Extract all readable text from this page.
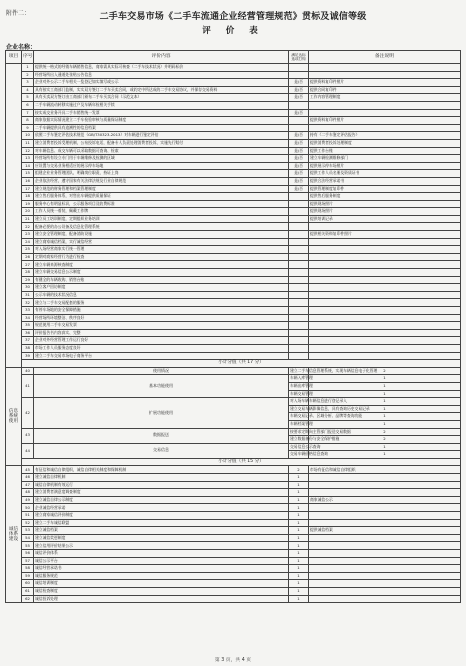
附件二：	二手车交易市场《二手车流通企业经营管理规范》贯标及诚信等级
评 价 表
企业名称：
项目	序号	评价内容	满足达标 选项打钩	备注说明	
	1	提供统一格式的经销车辆销售信息，商家需具实际可核查（二手车技术状况）并明码标价			
	2	经营场所出入通道处张贴公告信息			
	3	企业对外公示二手车相关一览登记如实填写或公示	是/否	提供资料复印件照片	
	4	具有按实工商部门监制，实实双方签订二手车买卖合同，或约定中所达成的二手车交易协议，并保存交易资料	是/否	提供合同复印件	
	5	具有买卖双方签订由工商部门颁布二手车买卖合同（示范文本）	是/否	工作内容管理制度	
	6	二手车辆流动转移实施过户及车辆年检相关手续			
	7	按实成交业务开具二手车销售统一发票	是/否		
	8	商家依据实际情况建立二手车检验审核与质量保证制度		提供资料复印件照片	
	9	二手车辆提供具有追溯性的信息档案			
	10	依照二手车鉴定评估技术规范（GB/T30323-2013）对车辆进行鉴定评估	是/否	持有《二手车鉴定评估报告》	
	11	建立消费者投诉受理机制，公布投诉电话，配备专人负责处理消费者投诉，实施先行赔付	是/否	提供消费者投诉处理制度	
	12	对车辆信息、成交车辆可以采取数据可查询、检索	是/否	提供工作台账	
	13	经营场所有设立专门用于车辆维修及检测的区域	是/否	建立车辆检测维修部门	
	14	应设置与交易业务相适应的展示停车场地	是/否	提供展示停车场照片	
	15	组建企业业务管理团队，明确岗位职责，持证上岗	是/否	提供工作人员名册及资质证书	
	16	企业依法经营，遵守国家有关法律法规及行业自律规范	是/否	提供合法经营承诺书	
	17	建立规范的财务管理和档案管理制度	是/否	提供管理制度复印件	
	18	建立售后服务体系，对售出车辆提供质量保证		提供售后服务制度	
	19	服务中心有明显标识，公示服务项目及收费标准		提供现场照片	
	20	工作人员统一着装，佩戴工作牌		提供现场照片	
	21	建立员工培训制度，定期组织业务培训		提供培训记录	
	22	配备必要的办公设备及信息化管理系统			
	23	建立安全管理制度，配备消防设施		提供相关资料复印件照片	
	24	建立商家诚信档案，实行诚信经营			
	25	对入场经营商家实行统一管理			
	26	定期对商家经营行为进行检查			
	27	建立车辆来源核查制度			
	28	建立车辆交易信息公示制度			
	29	有健全的车辆收购、销售台账			
	30	建立客户回访制度			
	31	公示车辆的技术状况信息			
	32	建立与二手车交易配套的服务			
	33	有停车场地的安全保障措施			
	34	经营场所环境整洁、秩序良好			
	35	规范使用二手车交易发票			
	36	评价报告书内容真实、完整			
	37	企业对外经营管理工作运行良好			
	38	市场工作人员服务态度良好			
	39	建立二手车交易市场电子商务平台			
	小计分值（共 17 分）				
信息
系统
使用	40	使用情况	建立二手车信息管理系统，实现车辆信息电子化管理	2	
	41	基本功能使用	车辆入库管理	1	
			车辆出库管理	1	
			车辆交易管理	1	
	42	扩展功能使用	对入场车辆车辆信息进行登记录入	1	
			建立交易车辆影像信息，具有查询历史交易记录	1	
			车辆交易记录、区域分析、品牌等查询功能	1	
			车辆档案管理	1	
	43	数据报送	按要求定期向主管部门报送交易数据	2	
			建立数据备份与安全保护措施	2	
	44	交易信息	交易信息公示查询	1	
			交易车辆价格信息查询	1	
	小计分值（共 15 分）				
诚信
体系
建设	45	有征信和诚信自律组织，诚信自律相关制度和保障机制	2	市场有征信和诚信自律组织	
	46	建立诚信自律机制	1		
	47	诚信自律机制有效运行	1		
	48	建立消费者满意度调查制度	1		
	49	建立诚信自律公示制度	1	商家诚信公示	
	50	企业诚信经营承诺	1		
	51	建立商家诚信评价制度	1		
	52	建立二手车诚信联盟	1		
	53	建立诚信档案	1	提供诚信档案	
	54	建立诚信奖惩制度	1		
	55	建立信用评价结果公示	1		
	56	诚信评价体系	1		
	57	诚信公示平台	1		
	58	诚信经营承诺书	1		
	59	诚信服务规范	1		
	60	诚信培训制度	1		
	61	诚信检查制度	1		
	62	诚信投诉处理	1		
第 3 页，共 4 页
